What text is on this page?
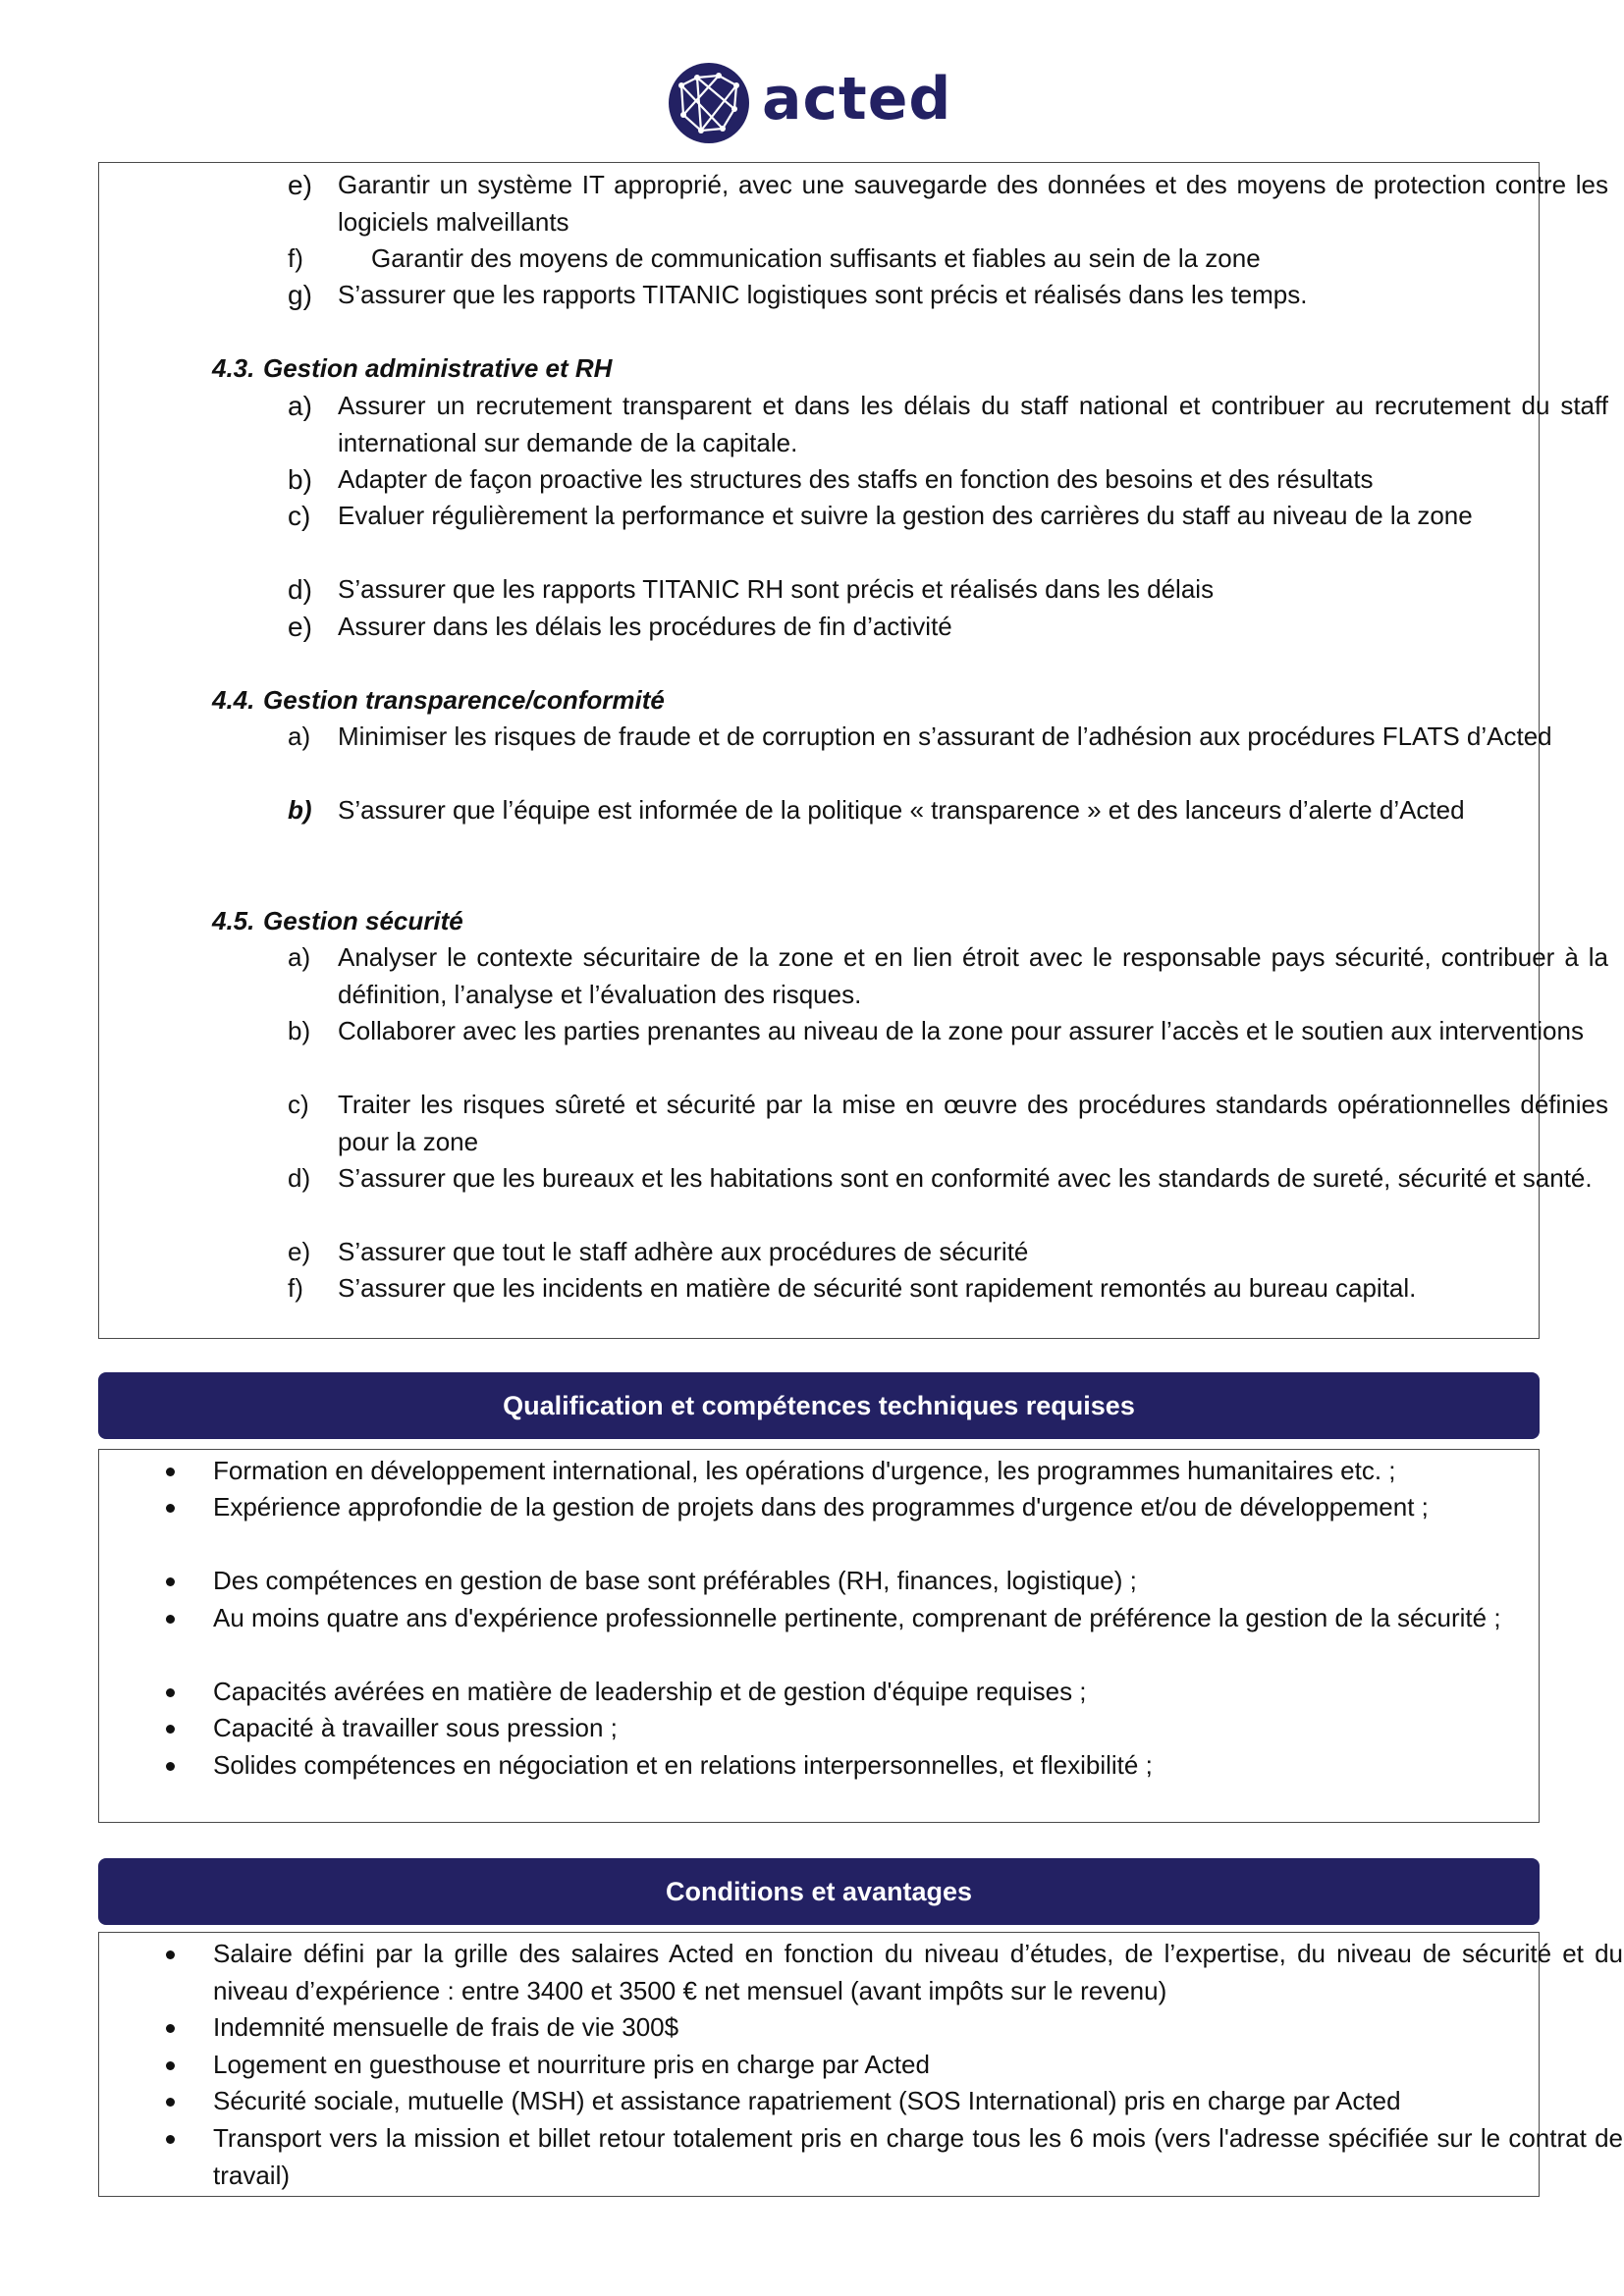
acted
e)	Garantir un système IT approprié, avec une sauvegarde des données et des moyens de protection contre les logiciels malveillants
f)	Garantir des moyens de communication suffisants et fiables au sein de la zone
g)	S’assurer que les rapports TITANIC logistiques sont précis et réalisés dans les temps.
4.3. Gestion administrative et RH
a)	Assurer un recrutement transparent et dans les délais du staff national et contribuer au recrutement du staff international sur demande de la capitale.
b)	Adapter de façon proactive les structures des staffs en fonction des besoins et des résultats
c)	Evaluer régulièrement la performance et suivre la gestion des carrières du staff au niveau de la zone
d)	S’assurer que les rapports TITANIC RH sont précis et réalisés dans les délais
e)	Assurer dans les délais les procédures de fin d’activité
4.4. Gestion transparence/conformité
a)	Minimiser les risques de fraude et de corruption en s’assurant de l’adhésion aux procédures FLATS d’Acted
b)	S’assurer que l’équipe est informée de la politique « transparence » et des lanceurs d’alerte d’Acted
4.5. Gestion sécurité
a)	Analyser le contexte sécuritaire de la zone et en lien étroit avec le responsable pays sécurité, contribuer à la définition, l’analyse et l’évaluation des risques.
b)	Collaborer avec les parties prenantes au niveau de la zone pour assurer l’accès et le soutien aux interventions
c)	Traiter les risques sûreté et sécurité par la mise en œuvre des procédures standards opérationnelles définies pour la zone
d)	S’assurer que les bureaux et les habitations sont en conformité avec les standards de sureté, sécurité et santé.
e)	S’assurer que tout le staff adhère aux procédures de sécurité
f)	S’assurer que les incidents en matière de sécurité sont rapidement remontés au bureau capital.
Qualification et compétences techniques requises
Formation en développement international, les opérations d'urgence, les programmes humanitaires etc. ;
Expérience approfondie de la gestion de projets dans des programmes d'urgence et/ou de développement ;
Des compétences en gestion de base sont préférables (RH, finances, logistique) ;
Au moins quatre ans d'expérience professionnelle pertinente, comprenant de préférence la gestion de la sécurité ;
Capacités avérées en matière de leadership et de gestion d'équipe requises ;
Capacité à travailler sous pression ;
Solides compétences en négociation et en relations interpersonnelles, et flexibilité ;
Conditions et avantages
Salaire défini par la grille des salaires Acted en fonction du niveau d’études, de l’expertise, du niveau de sécurité et du niveau d’expérience : entre 3400 et 3500 € net mensuel (avant impôts sur le revenu)
Indemnité mensuelle de frais de vie 300$
Logement en guesthouse et nourriture pris en charge par Acted
Sécurité sociale, mutuelle (MSH) et assistance rapatriement (SOS International) pris en charge par Acted
Transport vers la mission et billet retour totalement pris en charge tous les 6 mois (vers l'adresse spécifiée sur le contrat de travail)
